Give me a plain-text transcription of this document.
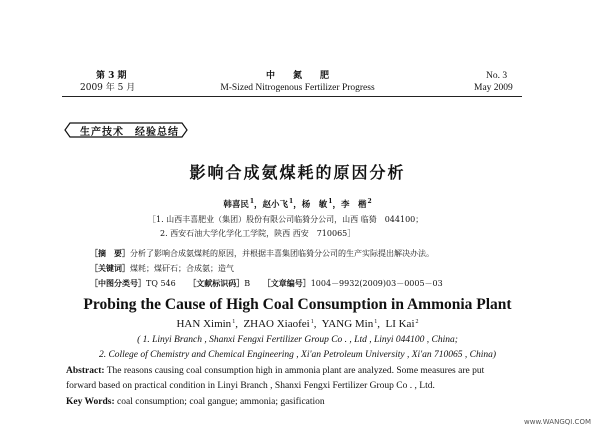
第 3 期
2009 年 5 月
中　　氮　　肥
M-Sized Nitrogenous Fertilizer Progress
No. 3
May 2009
生产技术　经验总结
影响合成氨煤耗的原因分析
韩喜民$^1$，赵小飞$^1$，杨　敏$^1$，李　楷$^2$
［1. 山西丰喜肥业（集团）股份有限公司临猗分公司，山西 临猗　044100；
2. 西安石油大学化学化工学院，陕西 西安　710065］
［摘　要］分析了影响合成氨煤耗的原因，并根据丰喜集团临猗分公司的生产实际提出解决办法。
［关键词］煤耗；煤矸石；合成氨；造气
［中图分类号］TQ 546 ［文献标识码］B ［文章编号］1004－9932(2009)03－0005－03
Probing the Cause of High Coal Consumption in Ammonia Plant
HAN Ximin$^1$,  ZHAO Xiaofei$^1$,  YANG Min$^1$,  LI Kai$^2$
( 1. Linyi Branch , Shanxi Fengxi Fertilizer Group Co . , Ltd , Linyi 044100 , China;
2. College of Chemistry and Chemical Engineering , Xi'an Petroleum University , Xi'an 710065 , China)
Abstract: The reasons causing coal consumption high in ammonia plant are analyzed. Some measures are put
forward based on practical condition in Linyi Branch , Shanxi Fengxi Fertilizer Group Co . , Ltd.
Key Words: coal consumption; coal gangue; ammonia; gasification
www.WANGQI.COM
